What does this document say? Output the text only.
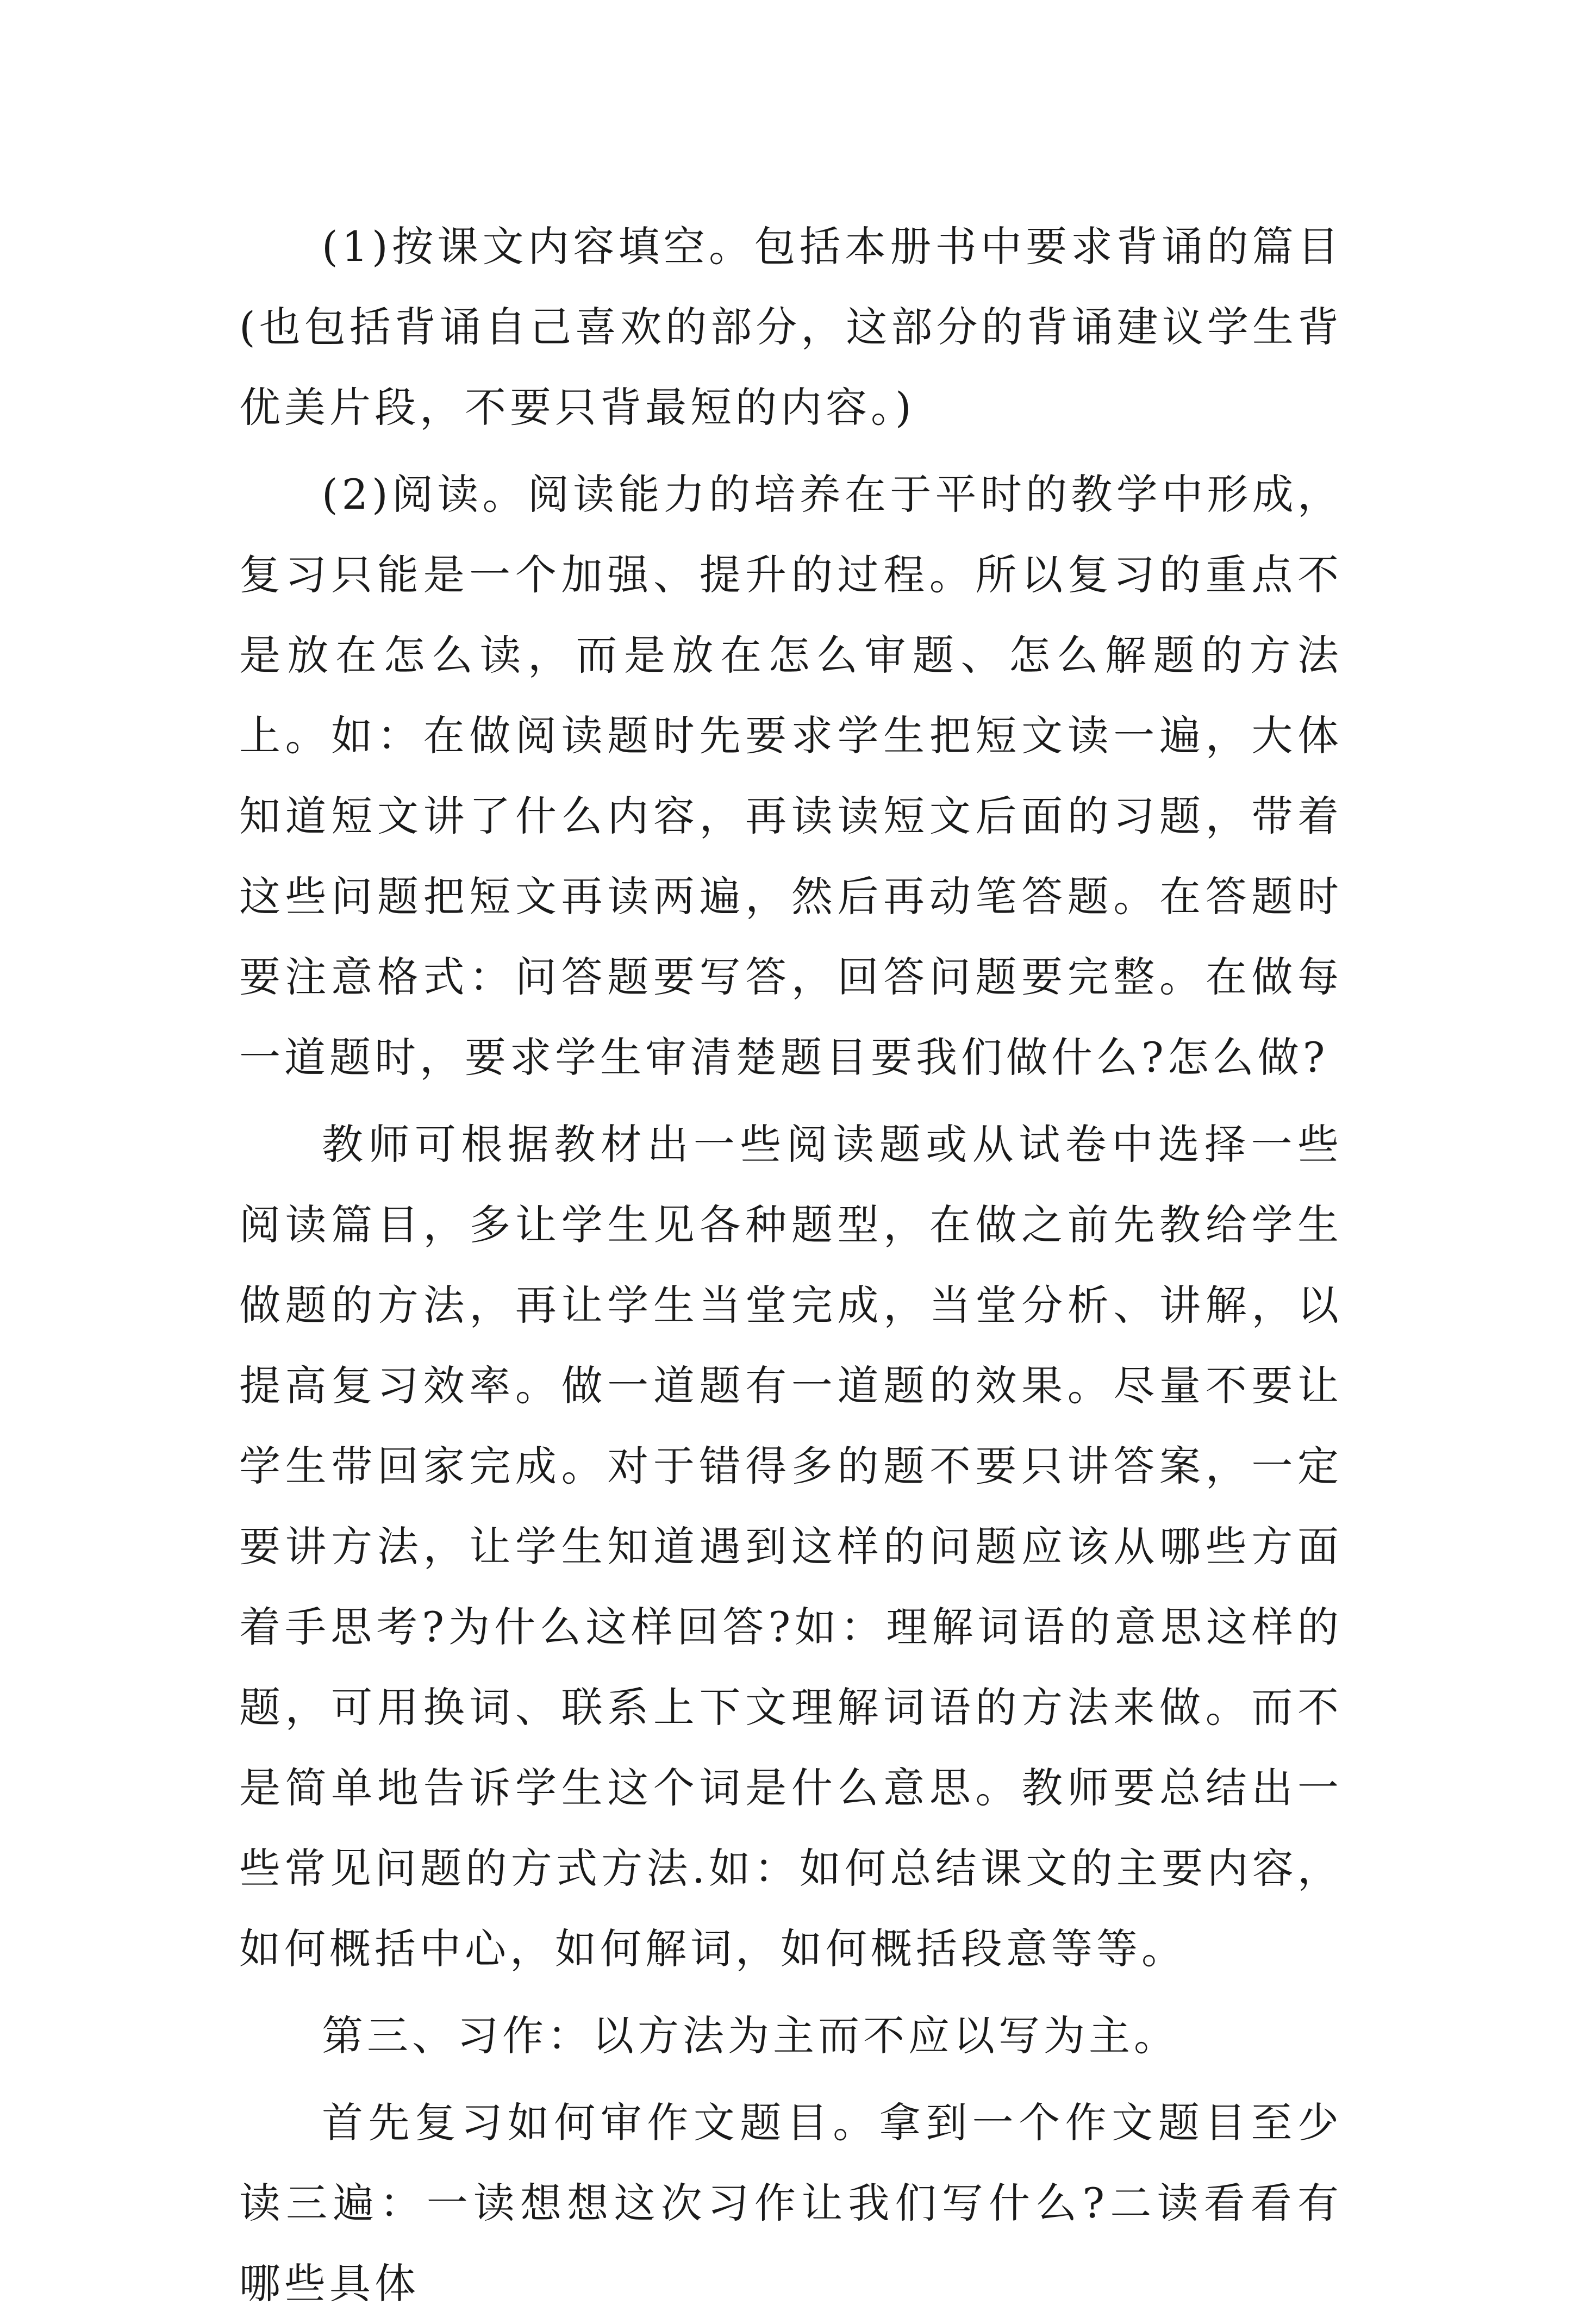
(1)按课文内容填空。包括本册书中要求背诵的篇目(也包括背诵自己喜欢的部分，这部分的背诵建议学生背优美片段，不要只背最短的内容。)

(2)阅读。阅读能力的培养在于平时的教学中形成，复习只能是一个加强、提升的过程。所以复习的重点不是放在怎么读，而是放在怎么审题、怎么解题的方法上。如：在做阅读题时先要求学生把短文读一遍，大体知道短文讲了什么内容，再读读短文后面的习题，带着这些问题把短文再读两遍，然后再动笔答题。在答题时要注意格式：问答题要写答，回答问题要完整。在做每一道题时，要求学生审清楚题目要我们做什么?怎么做?

教师可根据教材出一些阅读题或从试卷中选择一些阅读篇目，多让学生见各种题型，在做之前先教给学生做题的方法，再让学生当堂完成，当堂分析、讲解，以提高复习效率。做一道题有一道题的效果。尽量不要让学生带回家完成。对于错得多的题不要只讲答案，一定要讲方法，让学生知道遇到这样的问题应该从哪些方面着手思考?为什么这样回答?如：理解词语的意思这样的题，可用换词、联系上下文理解词语的方法来做。而不是简单地告诉学生这个词是什么意思。教师要总结出一些常见问题的方式方法.如：如何总结课文的主要内容，如何概括中心，如何解词，如何概括段意等等。

第三、习作：以方法为主而不应以写为主。

首先复习如何审作文题目。拿到一个作文题目至少读三遍：一读想想这次习作让我们写什么?二读看看有哪些具体
